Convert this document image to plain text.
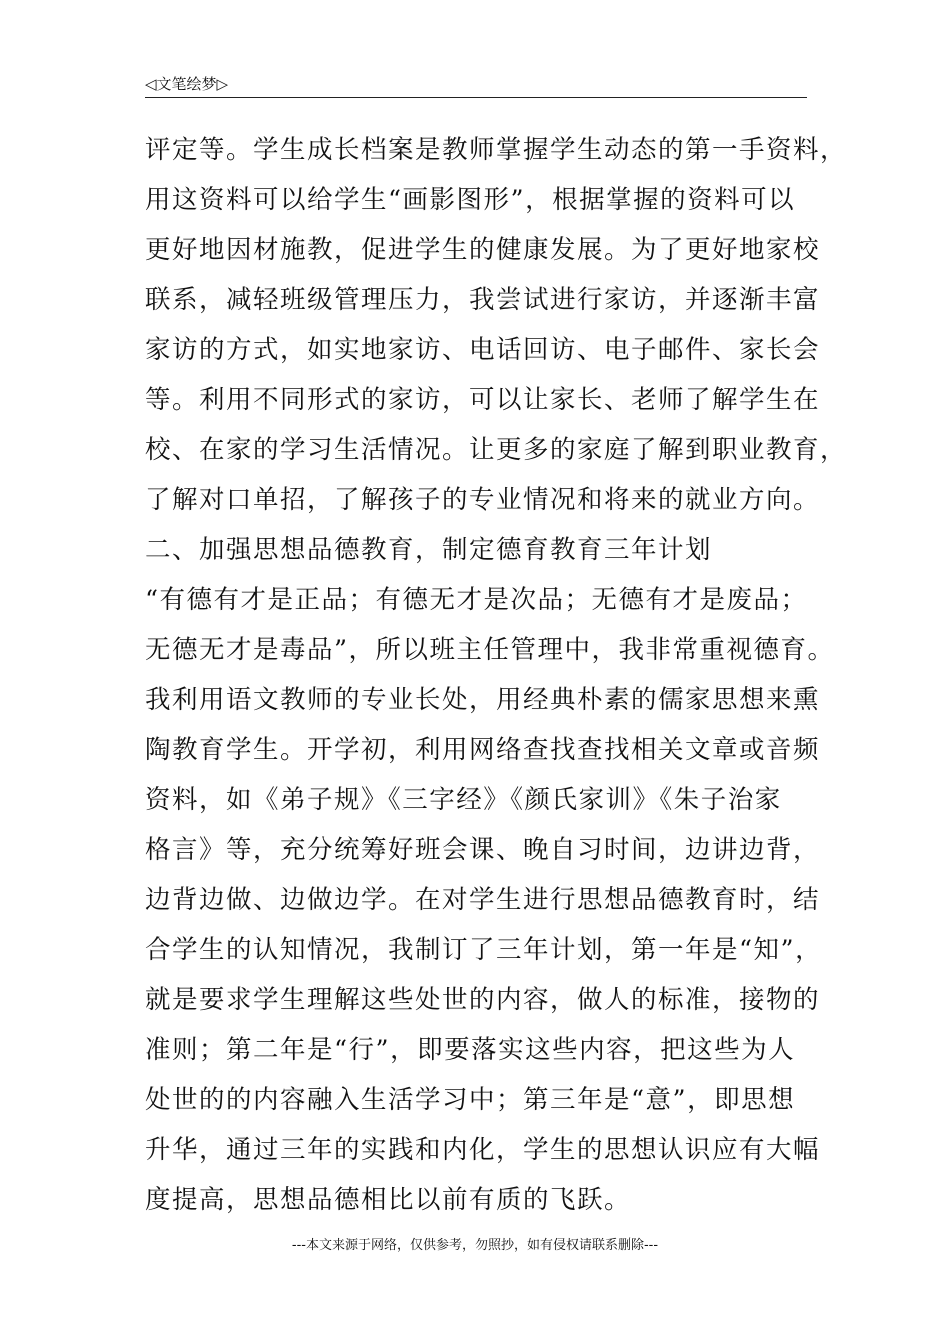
◁文笔绘梦▷
评定等。学生成长档案是教师掌握学生动态的第一手资料，
用这资料可以给学生“画影图形”，根据掌握的资料可以
更好地因材施教，促进学生的健康发展。为了更好地家校
联系，减轻班级管理压力，我尝试进行家访，并逐渐丰富
家访的方式，如实地家访、电话回访、电子邮件、家长会
等。利用不同形式的家访，可以让家长、老师了解学生在
校、在家的学习生活情况。让更多的家庭了解到职业教育，
了解对口单招，了解孩子的专业情况和将来的就业方向。
二、加强思想品德教育，制定德育教育三年计划
“有德有才是正品；有德无才是次品；无德有才是废品；
无德无才是毒品”，所以班主任管理中，我非常重视德育。
我利用语文教师的专业长处，用经典朴素的儒家思想来熏
陶教育学生。开学初，利用网络查找查找相关文章或音频
资料，如《弟子规》《三字经》《颜氏家训》《朱子治家
格言》等，充分统筹好班会课、晚自习时间，边讲边背，
边背边做、边做边学。在对学生进行思想品德教育时，结
合学生的认知情况，我制订了三年计划，第一年是“知”，
就是要求学生理解这些处世的内容，做人的标准，接物的
准则；第二年是“行”，即要落实这些内容，把这些为人
处世的的内容融入生活学习中；第三年是“意”，即思想
升华，通过三年的实践和内化，学生的思想认识应有大幅
度提高，思想品德相比以前有质的飞跃。
---本文来源于网络，仅供参考，勿照抄，如有侵权请联系删除---
